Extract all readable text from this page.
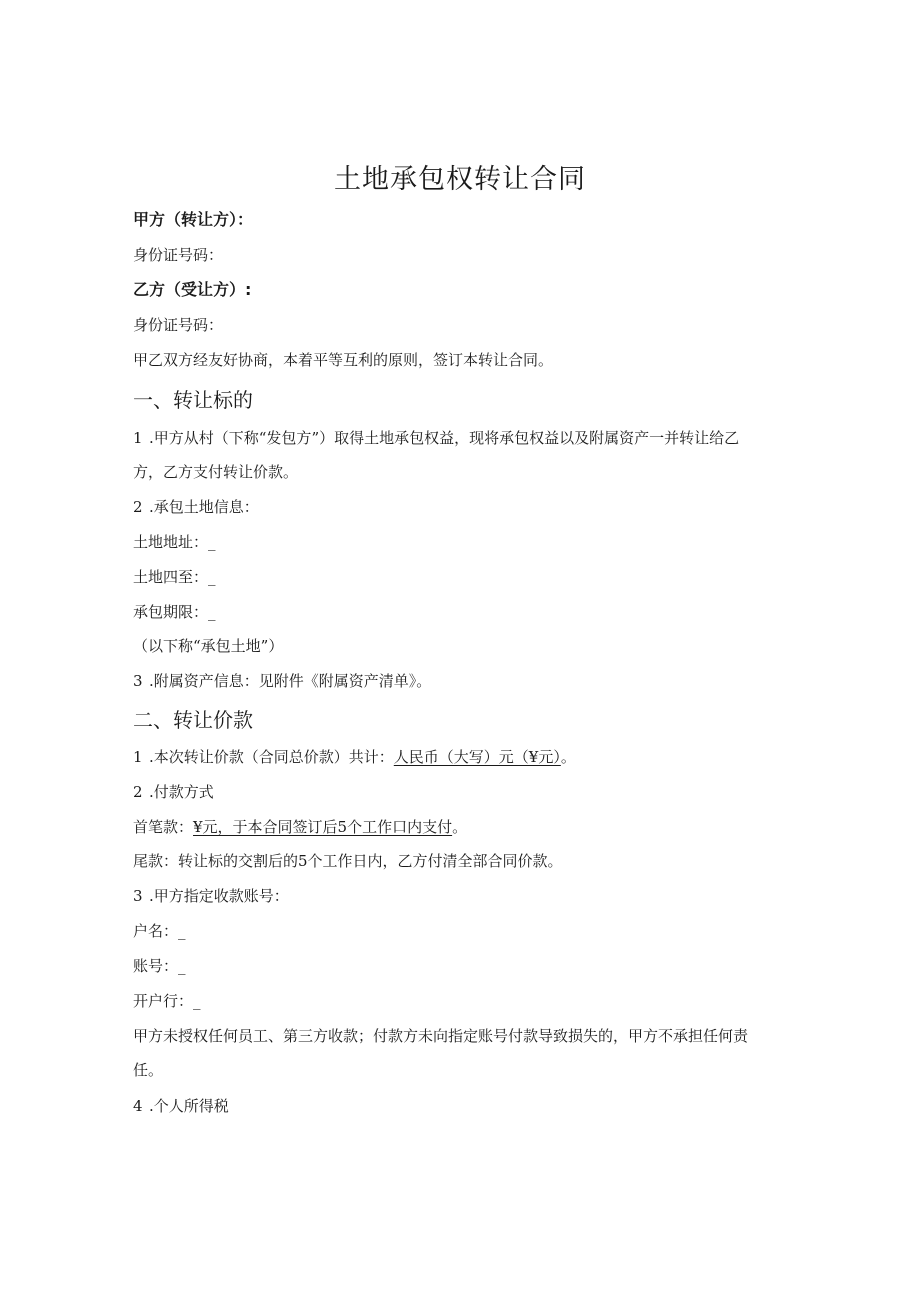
土地承包权转让合同
甲方（转让方）：
身份证号码：
乙方（受让方）:
身份证号码：
甲乙双方经友好协商，本着平等互利的原则，签订本转让合同。
一、转让标的
1 .甲方从村（下称“发包方”）取得土地承包权益，现将承包权益以及附属资产一并转让给乙
方，乙方支付转让价款。
2 .承包土地信息：
土地地址：_
土地四至：_
承包期限：_
（以下称“承包土地”）
3 .附属资产信息：见附件《附属资产清单》。
二、转让价款
1 .本次转让价款（合同总价款）共计：人民币（大写）元（¥元）。
2 .付款方式
首笔款：¥元，于本合同签订后5个工作口内支付。
尾款：转让标的交割后的5个工作日内，乙方付清全部合同价款。
3 .甲方指定收款账号：
户名：_
账号：_
开户行：_
甲方未授权任何员工、第三方收款；付款方未向指定账号付款导致损失的，甲方不承担任何责
任。
4 .个人所得税
